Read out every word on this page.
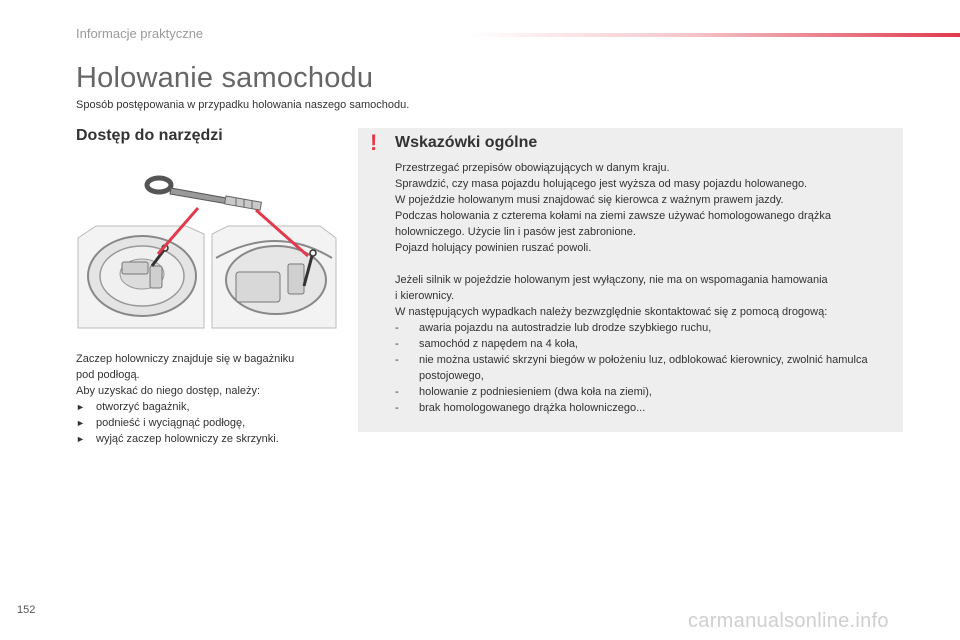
Informacje praktyczne
Holowanie samochodu
Sposób postępowania w przypadku holowania naszego samochodu.
Dostęp do narzędzi

Zaczep holowniczy znajduje się w bagażniku

pod podłogą.

Aby uzyskać do niego dostęp, należy:

► otworzyć bagażnik,
► podnieść i wyciągnąć podłogę,
► wyjąć zaczep holowniczy ze skrzynki.
! Wskazówki ogólne

Przestrzegać przepisów obowiązujących w danym kraju.

Sprawdzić, czy masa pojazdu holującego jest wyższa od masy pojazdu holowanego.

W pojeździe holowanym musi znajdować się kierowca z ważnym prawem jazdy.

Podczas holowania z czterema kołami na ziemi zawsze używać homologowanego drążka

holowniczego. Użycie lin i pasów jest zabronione.

Pojazd holujący powinien ruszać powoli.

Jeżeli silnik w pojeździe holowanym jest wyłączony, nie ma on wspomagania hamowania

i kierownicy.

W następujących wypadkach należy bezwzględnie skontaktować się z pomocą drogową:

- awaria pojazdu na autostradzie lub drodze szybkiego ruchu,
- samochód z napędem na 4 koła,
- nie można ustawić skrzyni biegów w położeniu luz, odblokować kierownicy, zwolnić hamulca postojowego,
- holowanie z podniesieniem (dwa koła na ziemi),
- brak homologowanego drążka holowniczego...
152	carmanualsonline.info
